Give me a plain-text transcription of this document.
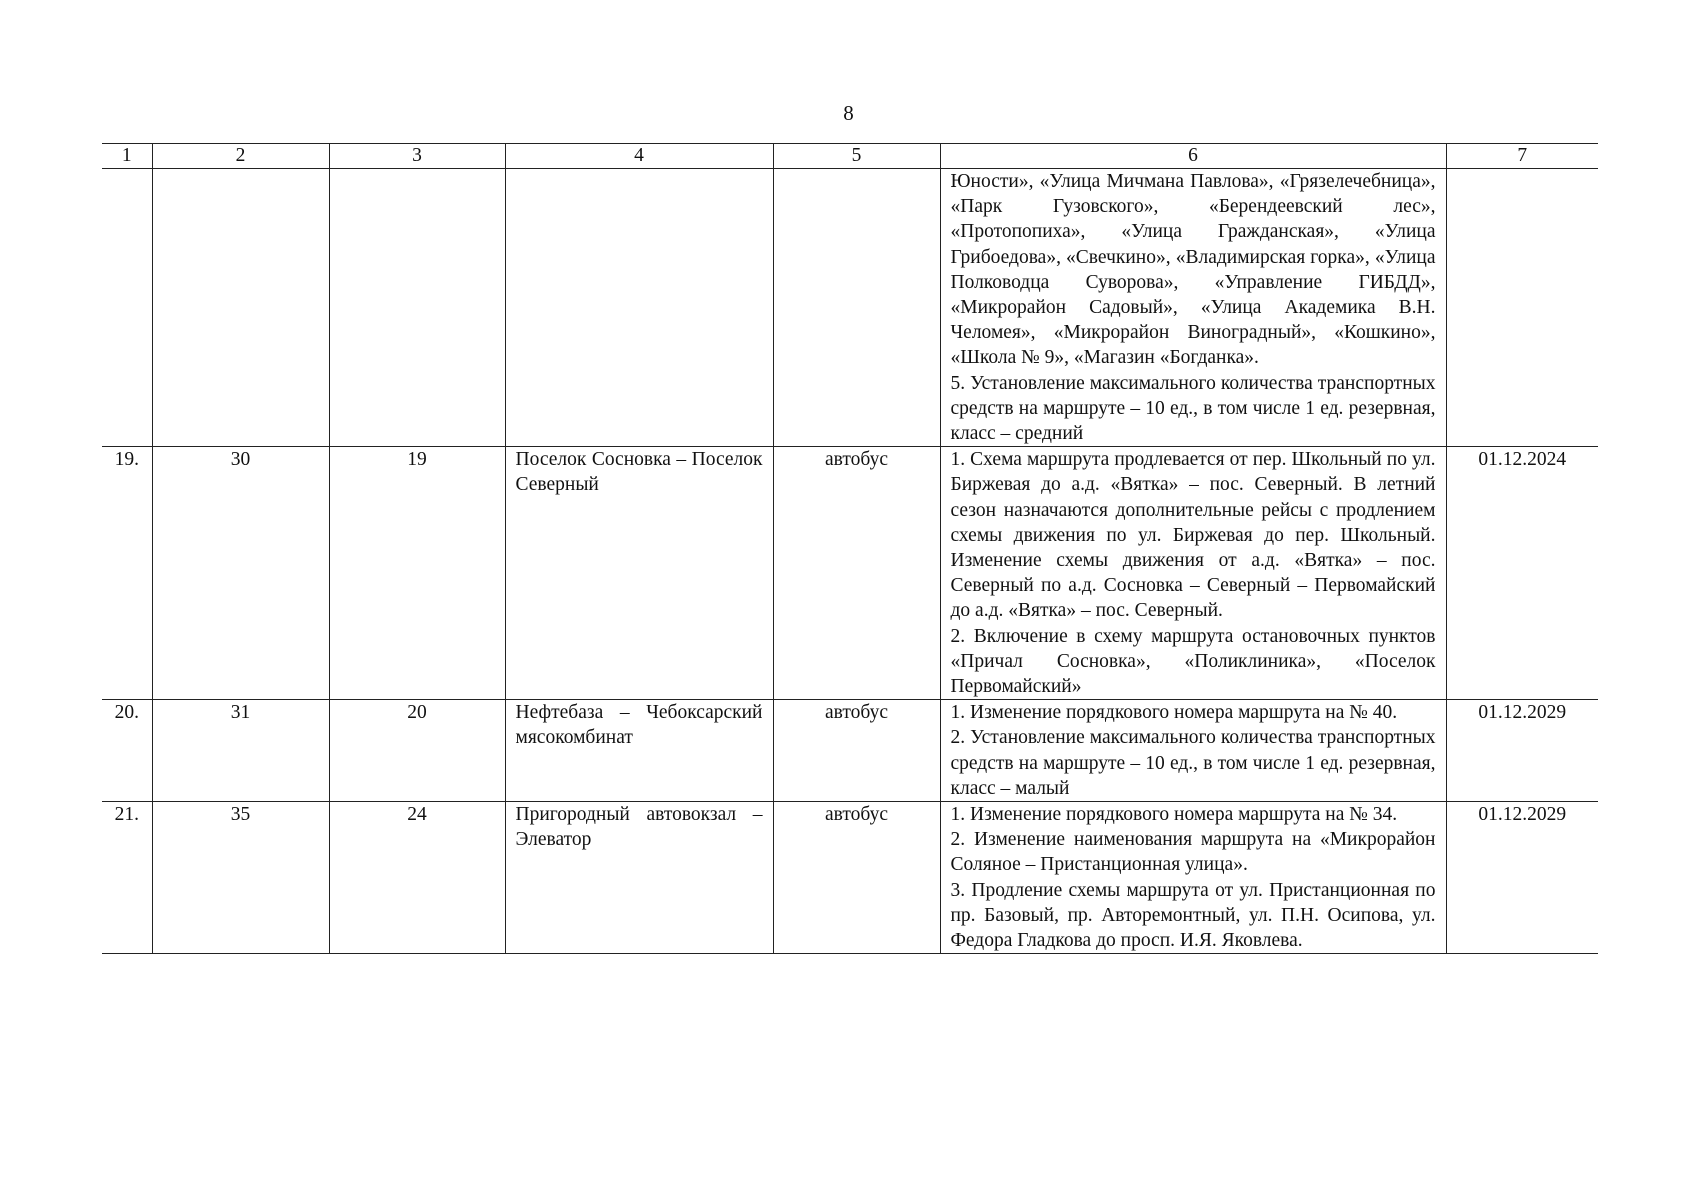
8
1	2	3	4	5	6	7

					Юности», «Улица Мичмана Павлова», «Грязелечебница», «Парк Гузовского», «Берендеевский лес», «Протопопиха», «Улица Гражданская», «Улица Грибоедова», «Свечкино», «Владимирская горка», «Улица Полководца Суворова», «Управление ГИБДД», «Микрорайон Садовый», «Улица Академика В.Н. Челомея», «Микрорайон Виноградный», «Кошкино», «Школа № 9», «Магазин «Богданка».
5. Установление максимального количества транспортных средств на маршруте – 10 ед., в том числе 1 ед. резервная, класс – средний	

19.	30	19	Поселок Сосновка – Поселок Северный	автобус	1. Схема маршрута продлевается от пер. Школьный по ул. Биржевая до а.д. «Вятка» – пос. Северный. В летний сезон назначаются дополнительные рейсы с продлением схемы движения по ул. Биржевая до пер. Школьный. Изменение схемы движения от а.д. «Вятка» – пос. Северный по а.д. Сосновка – Северный – Первомайский до а.д. «Вятка» – пос. Северный.
2. Включение в схему маршрута остановочных пунктов «Причал Сосновка», «Поликлиника», «Поселок Первомайский»	01.12.2024
20.	31	20	Нефтебаза – Чебоксарский мясокомбинат	автобус	1. Изменение порядкового номера маршрута на № 40.
2. Установление максимального количества транспортных средств на маршруте – 10 ед., в том числе 1 ед. резервная, класс – малый	01.12.2029
21.	35	24	Пригородный автовокзал – Элеватор	автобус	1. Изменение порядкового номера маршрута на № 34.
2. Изменение наименования маршрута на «Микрорайон Соляное – Пристанционная улица».
3. Продление схемы маршрута от ул. Пристанционная по пр. Базовый, пр. Авторемонтный, ул. П.Н. Осипова, ул. Федора Гладкова до просп. И.Я. Яковлева.	01.12.2029
